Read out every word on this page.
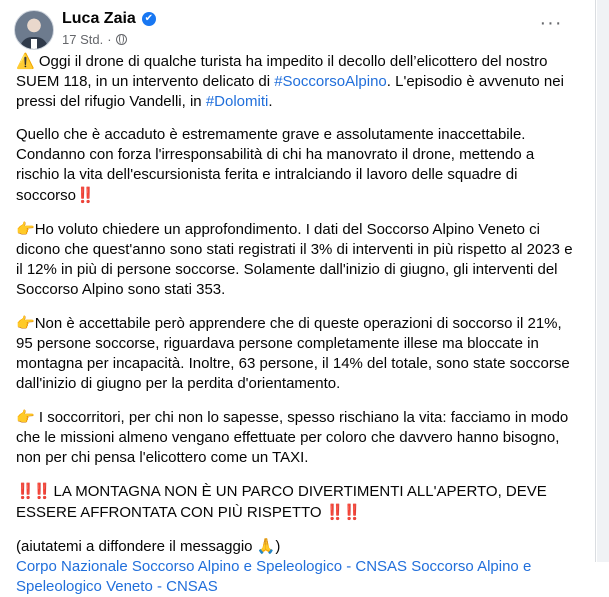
Luca Zaia ✔
17 Std. ·
···

⚠️ Oggi il drone di qualche turista ha impedito il decollo dell’elicottero del nostro SUEM 118, in un intervento delicato di #SoccorsoAlpino. L'episodio è avvenuto nei pressi del rifugio Vandelli, in #Dolomiti.

Quello che è accaduto è estremamente grave e assolutamente inaccettabile. Condanno con forza l'irresponsabilità di chi ha manovrato il drone, mettendo a rischio la vita dell'escursionista ferita e intralciando il lavoro delle squadre di soccorso‼️

👉Ho voluto chiedere un approfondimento. I dati del Soccorso Alpino Veneto ci dicono che quest'anno sono stati registrati il 3% di interventi in più rispetto al 2023 e il 12% in più di persone soccorse. Solamente dall'inizio di giugno, gli interventi del Soccorso Alpino sono stati 353.

👉Non è accettabile però apprendere che di queste operazioni di soccorso il 21%, 95 persone soccorse, riguardava persone completamente illese ma bloccate in montagna per incapacità. Inoltre, 63 persone, il 14% del totale, sono state soccorse dall'inizio di giugno per la perdita d'orientamento.

👉 I soccorritori, per chi non lo sapesse, spesso rischiano la vita: facciamo in modo che le missioni almeno vengano effettuate per coloro che davvero hanno bisogno, non per chi pensa l'elicottero come un TAXI.

‼️‼️ LA MONTAGNA NON È UN PARCO DIVERTIMENTI ALL'APERTO, DEVE ESSERE AFFRONTATA CON PIÙ RISPETTO ‼️‼️

(aiutatemi a diffondere il messaggio 🙏)
Corpo Nazionale Soccorso Alpino e Speleologico - CNSAS Soccorso Alpino e Speleologico Veneto - CNSAS
